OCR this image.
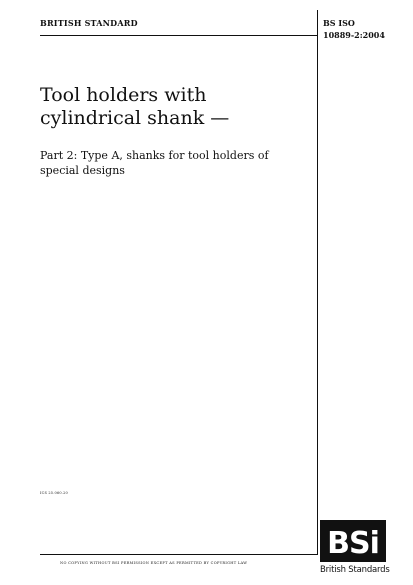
BRITISH STANDARD	BS ISO
10889-2:2004
Tool holders with
cylindrical shank —

Part 2: Type A, shanks for tool holders of
special designs

ICS 25.060.20
NO COPYING WITHOUT BSI PERMISSION EXCEPT AS PERMITTED BY COPYRIGHT LAW
BSi
British Standards
